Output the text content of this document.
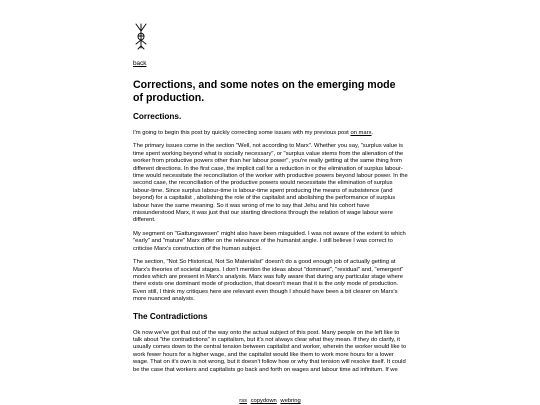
back
Corrections, and some notes on the emerging mode of production.
Corrections.

I'm going to begin this post by quickly correcting some issues with my previous post on marx.

The primary issues come in the section "Well, not according to Marx". Whether you say, "surplus value is time spent working beyond what is socially necessary", or "surplus value stems from the alienation of the worker from productive powers other than her labour power", you're really getting at the same thing from different directions. In the first case, the implicit call for a reduction in or the elimination of surplus labour-time would necessitate the reconciliation of the worker with productive powers beyond labour power. In the second case, the reconciliation of the productive powers would necessitate the elimination of surplus labour-time. Since surplus labour-time is labour-time spent producing the means of subsistence (and beyond) for a capitalist , abolishing the role of the capitalist and abolishing the performance of surplus labour have the same meaning. So it was wrong of me to say that Jehu and his cohort have missunderstood Marx, it was just that our starting directions through the relation of wage labour were different.

My segment on "Gattungswesen" might also have been misguided. I was not aware of the extent to which "early" and "mature" Marx differ on the relevance of the humanist angle. I still believe I was correct to criticise Marx's construction of the human subject.

The section, "Not So Historical, Not So Materialist" doesn't do a good enough job of actually getting at Marx's theories of societal stages. I don't mention the ideas about "dominant", "residual" and, "emergent" modes which are present in Marx's analysis. Marx was fully aware that during any particular stage where there exists one dominant mode of production, that doesn't mean that it is the only mode of production. Even still, I think my critiques here are relevant even though I should have been a bit clearer on Marx's more nuanced analysis.

The Contradictions

Ok now we've got that out of the way onto the actual subject of this post. Many people on the left like to talk about "the contradictions" in capitalism, but it's not always clear what they mean. If they do clarify, it usually comes down to the central tension between capitalist and worker, wherein the worker would like to work fewer hours for a higher wage, and the capitalist would like them to work more hours for a lower wage. That on it's own is not wrong, but it doesn't follow how or why that tension will resolve itself. It could be the case that workers and capitalists go back and forth on wages and labour time ad infinitum. If we

rss copydown webring
